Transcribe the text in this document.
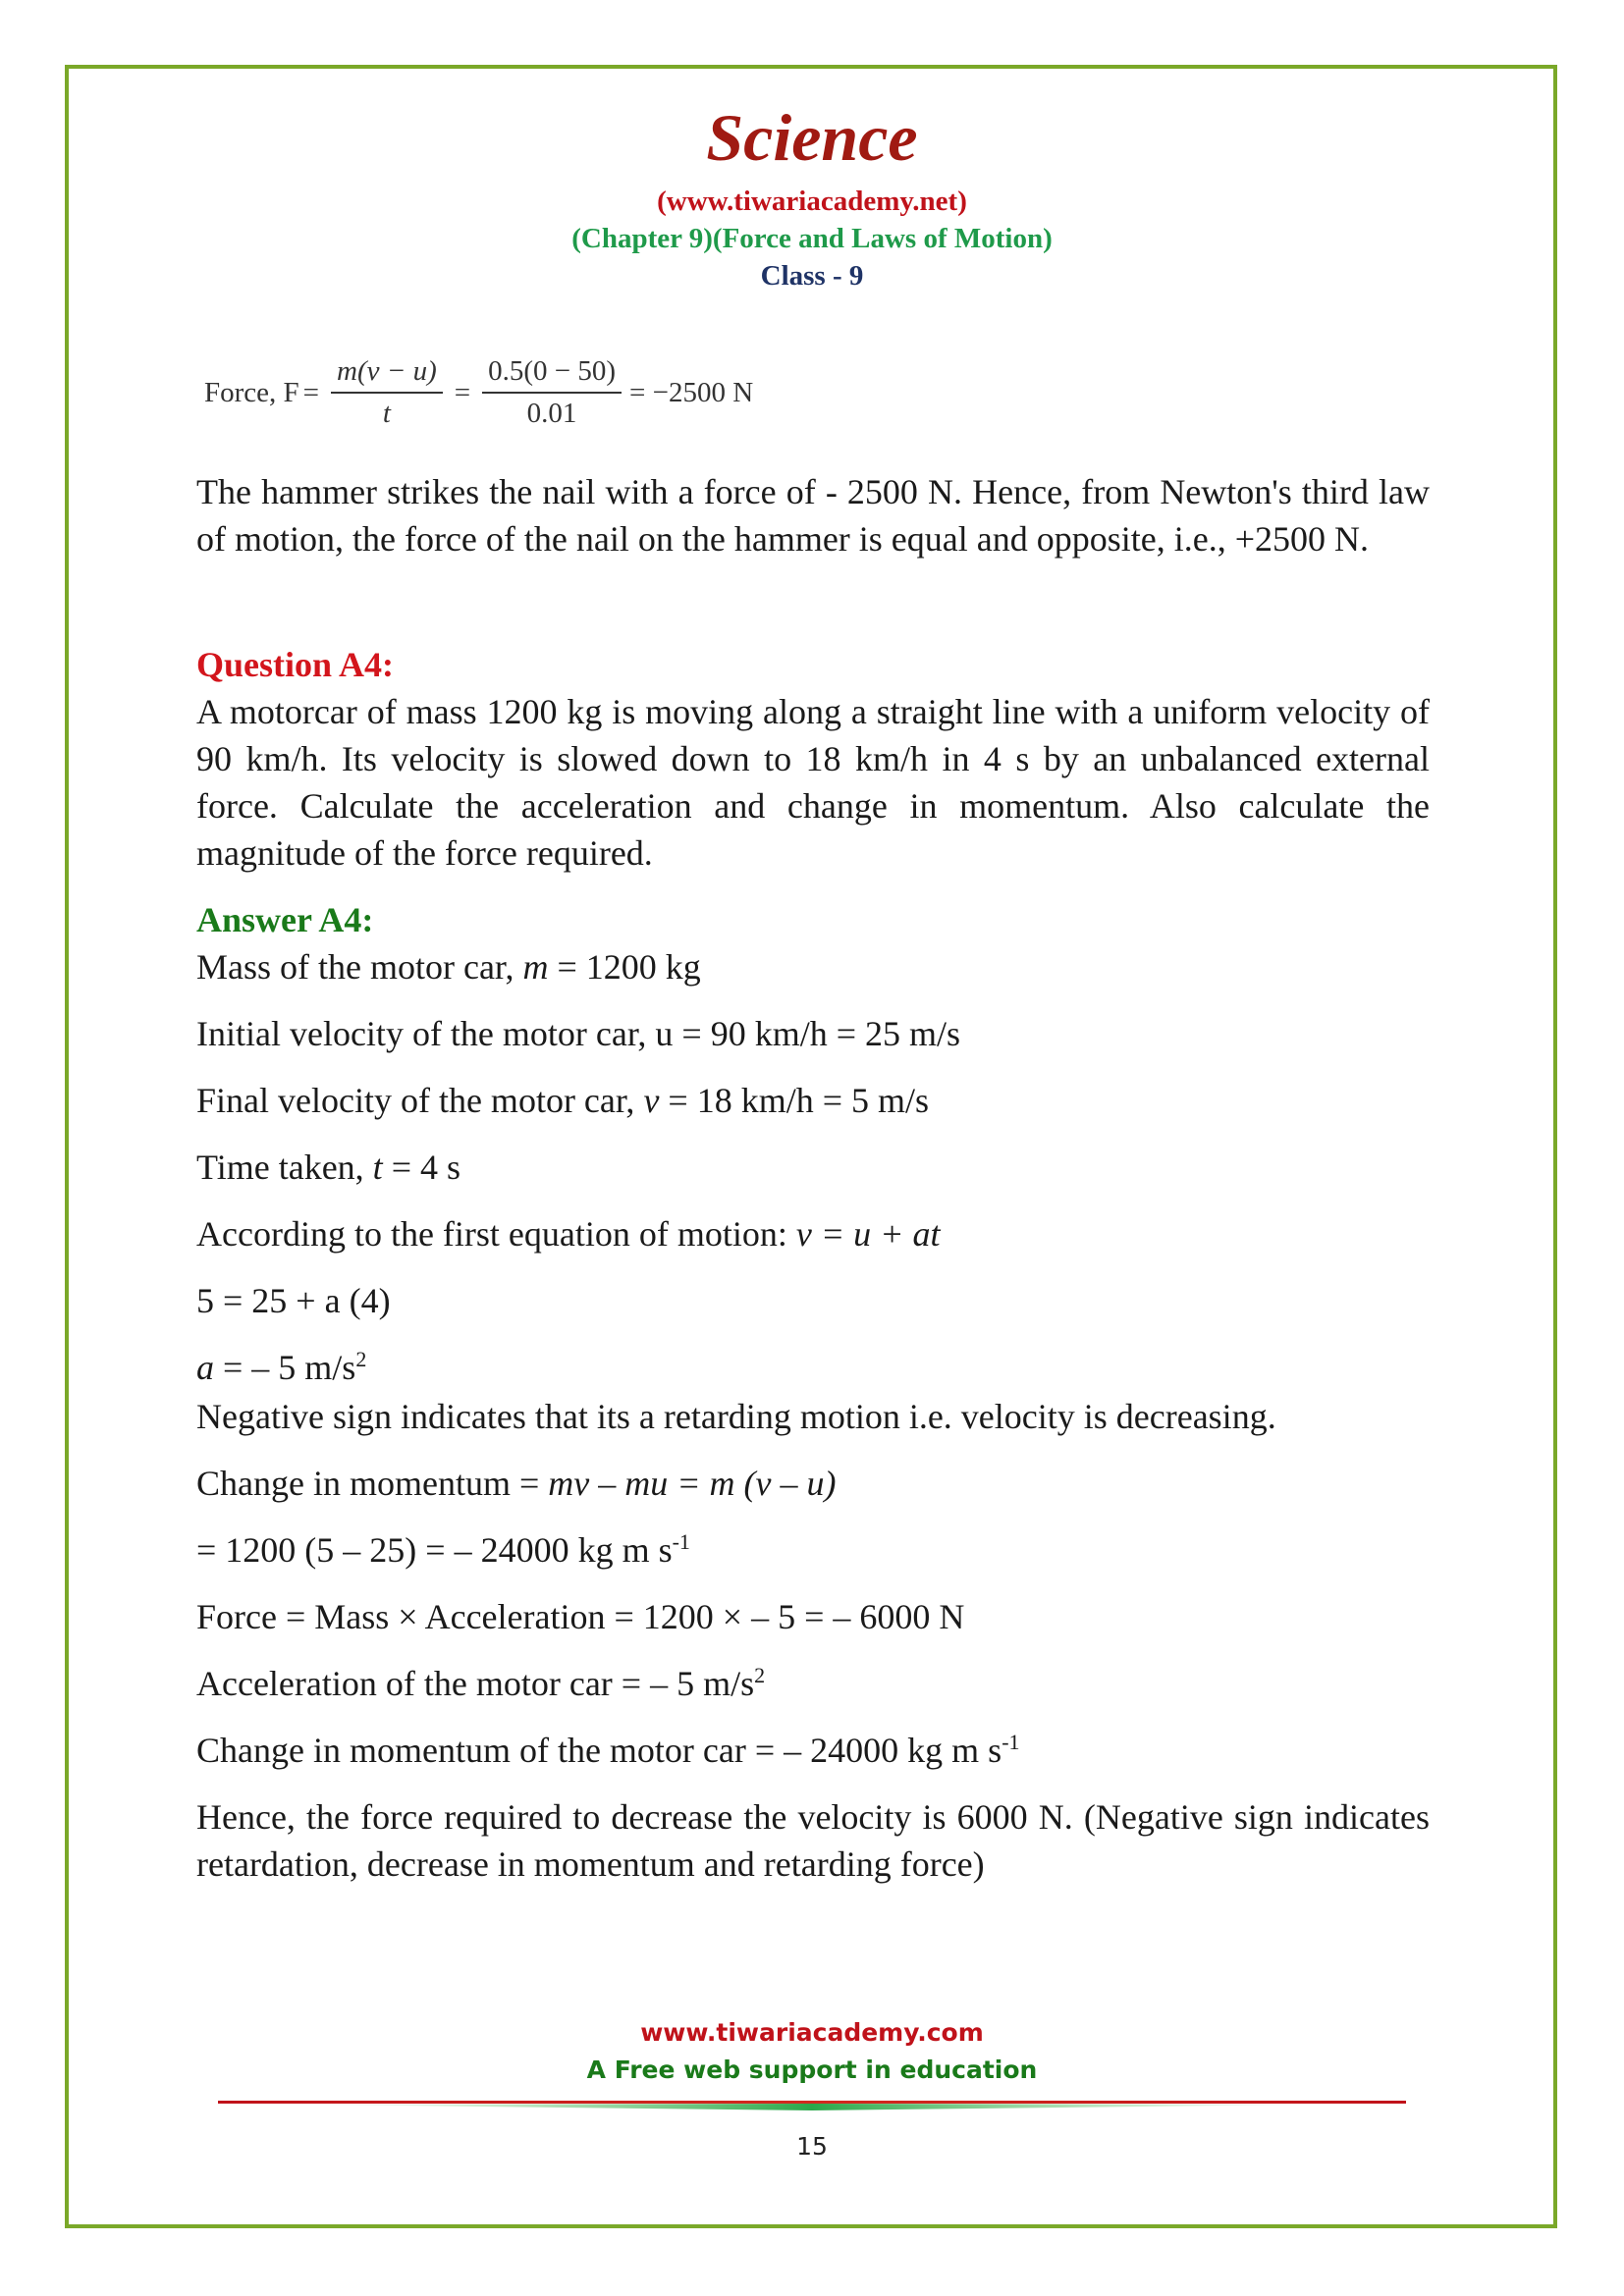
Science
(www.tiwariacademy.net)
(Chapter 9)(Force and Laws of Motion)
Class - 9
Force, $F = \frac{m(v - u)}{t} = \frac{0.5(0 - 50)}{0.01} = -2500$ N

The hammer strikes the nail with a force of - 2500 N. Hence, from Newton's third law of motion, the force of the nail on the hammer is equal and opposite, i.e., +2500 N.

Question A4:

A motorcar of mass 1200 kg is moving along a straight line with a uniform velocity of 90 km/h. Its velocity is slowed down to 18 km/h in 4 s by an unbalanced external force. Calculate the acceleration and change in momentum. Also calculate the magnitude of the force required.

Answer A4:
Mass of the motor car, m = 1200 kg
Initial velocity of the motor car, u = 90 km/h = 25 m/s
Final velocity of the motor car, v = 18 km/h = 5 m/s
Time taken, t = 4 s
According to the first equation of motion: v = u + at
5 = 25 + a (4)
a = – 5 $m/s^2$
Negative sign indicates that its a retarding motion i.e. velocity is decreasing.
Change in momentum = mv – mu = m (v – u)
= 1200 (5 – 25) = – 24000 kg m $s^{-1}$
Force = Mass × Acceleration = 1200 × – 5 = – 6000 N
Acceleration of the motor car = – 5 $m/s^2$
Change in momentum of the motor car = – 24000 kg m $s^{-1}$

Hence, the force required to decrease the velocity is 6000 N. (Negative sign indicates retardation, decrease in momentum and retarding force)

www.tiwariacademy.com
A Free web support in education
15
